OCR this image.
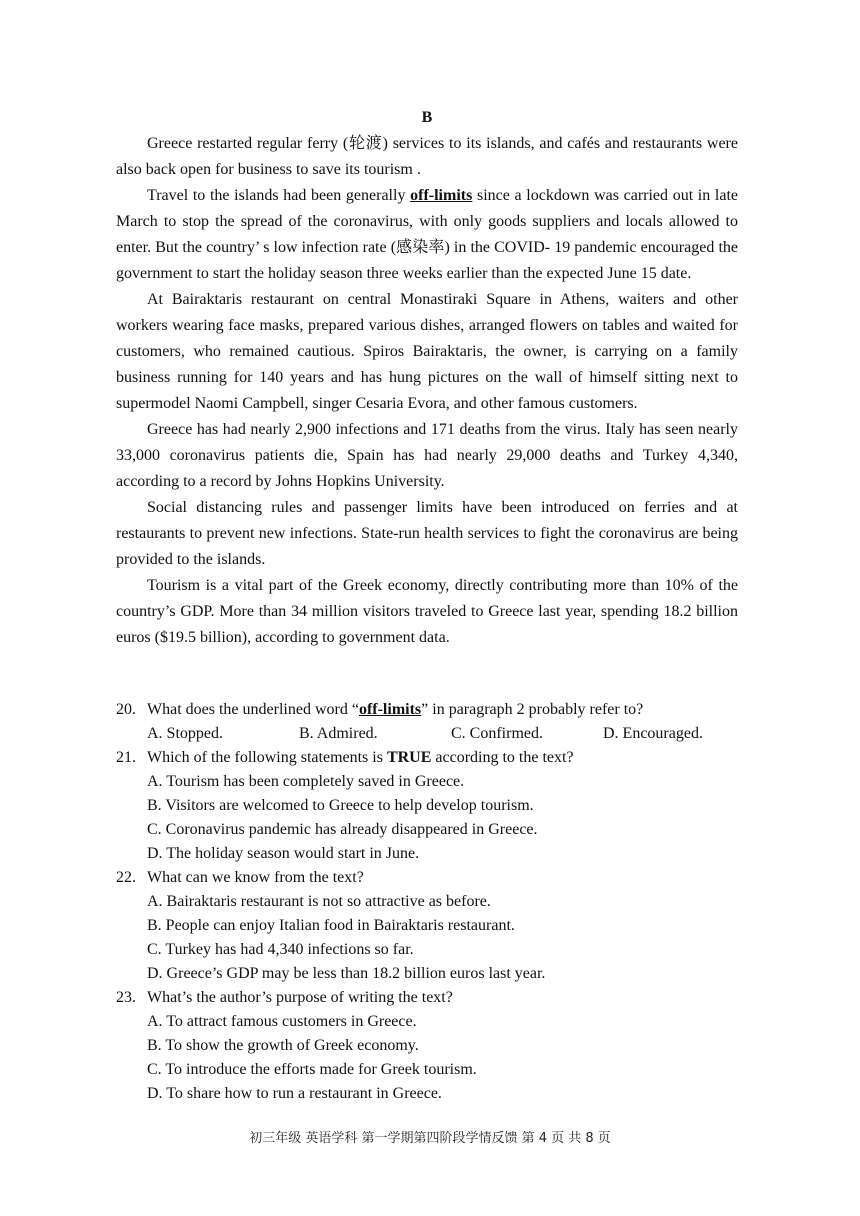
B

Greece restarted regular ferry (轮渡) services to its islands, and cafés and restaurants were also back open for business to save its tourism .

Travel to the islands had been generally off-limits since a lockdown was carried out in late March to stop the spread of the coronavirus, with only goods suppliers and locals allowed to enter. But the country’ s low infection rate (感染率) in the COVID- 19 pandemic encouraged the government to start the holiday season three weeks earlier than the expected June 15 date.

At Bairaktaris restaurant on central Monastiraki Square in Athens, waiters and other workers wearing face masks, prepared various dishes, arranged flowers on tables and waited for customers, who remained cautious. Spiros Bairaktaris, the owner, is carrying on a family business running for 140 years and has hung pictures on the wall of himself sitting next to supermodel Naomi Campbell, singer Cesaria Evora, and other famous customers.

Greece has had nearly 2,900 infections and 171 deaths from the virus. Italy has seen nearly 33,000 coronavirus patients die, Spain has had nearly 29,000 deaths and Turkey 4,340, according to a record by Johns Hopkins University.

Social distancing rules and passenger limits have been introduced on ferries and at restaurants to prevent new infections. State-run health services to fight the coronavirus are being provided to the islands.

Tourism is a vital part of the Greek economy, directly contributing more than 10% of the country’s GDP. More than 34 million visitors traveled to Greece last year, spending 18.2 billion euros ($19.5 billion), according to government data.

20. What does the underlined word “off-limits” in paragraph 2 probably refer to?
A. Stopped.	B. Admired.	C. Confirmed.	D. Encouraged.
21. Which of the following statements is TRUE according to the text?
A. Tourism has been completely saved in Greece.
B. Visitors are welcomed to Greece to help develop tourism.
C. Coronavirus pandemic has already disappeared in Greece.
D. The holiday season would start in June.
22. What can we know from the text?
A. Bairaktaris restaurant is not so attractive as before.
B. People can enjoy Italian food in Bairaktaris restaurant.
C. Turkey has had 4,340 infections so far.
D. Greece’s GDP may be less than 18.2 billion euros last year.
23. What’s the author’s purpose of writing the text?
A. To attract famous customers in Greece.
B. To show the growth of Greek economy.
C. To introduce the efforts made for Greek tourism.
D. To share how to run a restaurant in Greece.
初三年级 英语学科 第一学期第四阶段学情反馈 第 4 页 共 8 页
